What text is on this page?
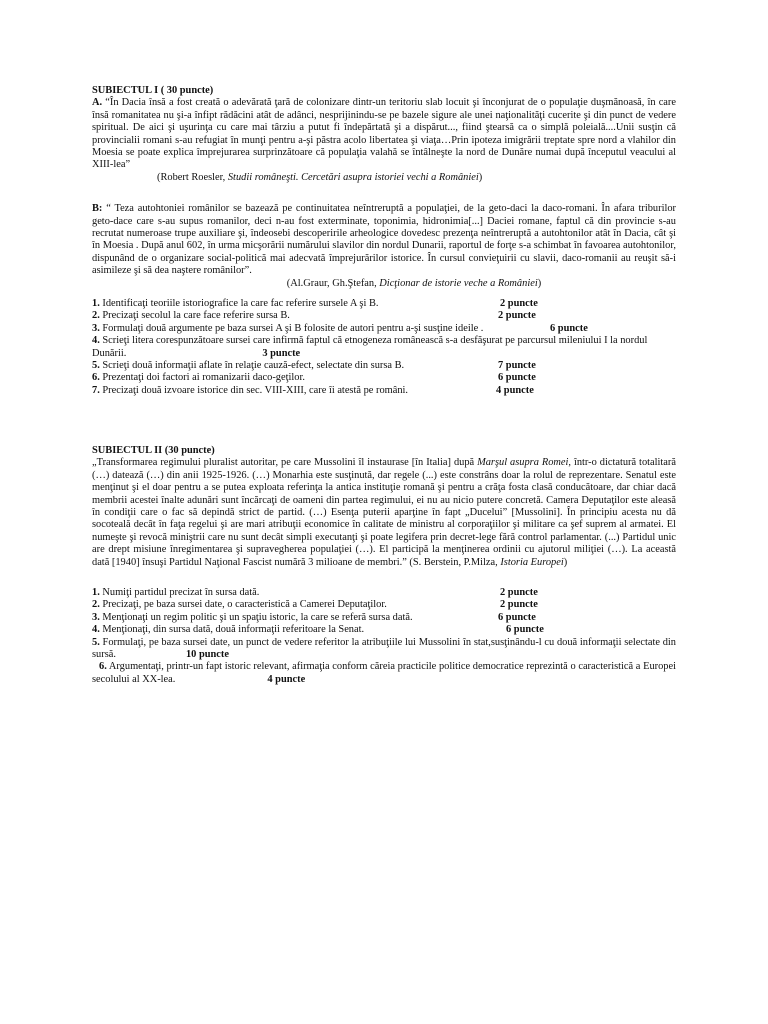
SUBIECTUL I ( 30 puncte)
A. “În Dacia însă a fost creată o adevărată ţară de colonizare dintr-un teritoriu slab locuit şi înconjurat de o populaţie duşmănoasă, în care însă romanitatea nu şi-a înfipt rădăcini atât de adânci, nesprijinindu-se pe bazele sigure ale unei naţionalităţi cucerite şi din punct de vedere spiritual. De aici şi uşurinţa cu care mai târziu a putut fi îndepărtată şi a dispărut..., fiind ştearsă ca o simplă poleială....Unii susţin că provincialii romani s-au refugiat în munţi pentru a-şi păstra acolo libertatea şi viaţa…Prin ipoteza imigrării treptate spre nord a vlahilor din Moesia se poate explica împrejurarea surprinzătoare că populaţia valahă se întâlneşte la nord de Dunăre numai după începutul veacului al XIII-lea”
(Robert Roesler, Studii româneşti. Cercetări asupra istoriei vechi a României)
B: “ Teza autohtoniei românilor se bazează pe continuitatea neîntreruptă a populaţiei, de la geto-daci la daco-romani. În afara triburilor geto-dace care s-au supus romanilor, deci n-au fost exterminate, toponimia, hidronimia[...] Daciei romane, faptul că din provincie s-au recrutat numeroase trupe auxiliare şi, îndeosebi descoperirile arheologice dovedesc prezenţa neîntreruptă a autohtonilor atât în Dacia, cât şi în Moesia . După anul 602, în urma micşorării numărului slavilor din nordul Dunarii, raportul de forţe s-a schimbat în favoarea autohtonilor, dispunând de o organizare social-politică mai adecvată împrejurărilor istorice. În cursul convieţuirii cu slavii, daco-romanii au reuşit să-i asimileze şi să dea naştere românilor”.
(Al.Graur, Gh.Ştefan, Dicţionar de istorie veche a României)
1. Identificaţi teoriile istoriografice la care fac referire sursele A şi B.	2 puncte
2. Precizaţi secolul la care face referire sursa B.	2 puncte
3. Formulaţi două argumente pe baza sursei A şi B folosite de autori pentru a-şi susţine ideile .	6 puncte
4. Scrieţi litera corespunzătoare sursei care infirmă faptul că etnogeneza românească s-a desfăşurat pe parcursul mileniului I la nordul Dunării.	3 puncte
5. Scrieţi două informaţii aflate în relaţie cauză-efect, selectate din sursa B.	7 puncte
6. Prezentaţi doi factori ai romanizarii daco-geţilor.	6 puncte
7. Precizaţi două izvoare istorice din sec. VIII-XIII, care îi atestă pe români.	4 puncte
SUBIECTUL II (30 puncte)
„Transformarea regimului pluralist autoritar, pe care Mussolini îl instaurase [în Italia] după Marşul asupra Romei, într-o dictatură totalitară (…) datează (…) din anii 1925-1926. (…) Monarhia este susţinută, dar regele (...) este constrâns doar la rolul de reprezentare. Senatul este menţinut şi el doar pentru a se putea exploata referinţa la antica instituţie romană şi pentru a crăţa fosta clasă conducătoare, dar chiar dacă membrii acestei înalte adunări sunt încărcaţi de oameni din partea regimului, ei nu au nicio putere concretă. Camera Deputaţilor este aleasă în condiţii care o fac să depindă strict de partid. (…) Esenţa puterii aparţine în fapt „Ducelui” [Mussolini]. În principiu acesta nu dă socoteală decât în faţa regelui şi are mari atribuţii economice în calitate de ministru al corporaţiilor şi militare ca şef suprem al armatei. El numeşte şi revocă miniştrii care nu sunt decât simpli executanţi şi poate legifera prin decret-lege fără control parlamentar. (...) Partidul unic are drept misiune înregimentarea şi supravegherea populaţiei (…). El participă la menţinerea ordinii cu ajutorul miliţiei (…). La această dată [1940] însuşi Partidul Naţional Fascist numără 3 milioane de membri.” (S. Berstein, P.Milza, Istoria Europei)
1. Numiţi partidul precizat în sursa dată.	2 puncte
2. Precizaţi, pe baza sursei date, o caracteristică a Camerei Deputaţilor.	2 puncte
3. Menţionaţi un regim politic şi un spaţiu istoric, la care se referă sursa dată.	6 puncte
4. Menţionaţi, din sursa dată, două informaţii referitoare la Senat.	6 puncte
5. Formulaţi, pe baza sursei date, un punct de vedere referitor la atribuţiile lui Mussolini în stat,susţinându-l cu două informaţii selectate din sursă.	10 puncte
6. Argumentaţi, printr-un fapt istoric relevant, afirmaţia conform căreia practicile politice democratice reprezintă o caracteristică a Europei secolului al XX-lea.	4 puncte
